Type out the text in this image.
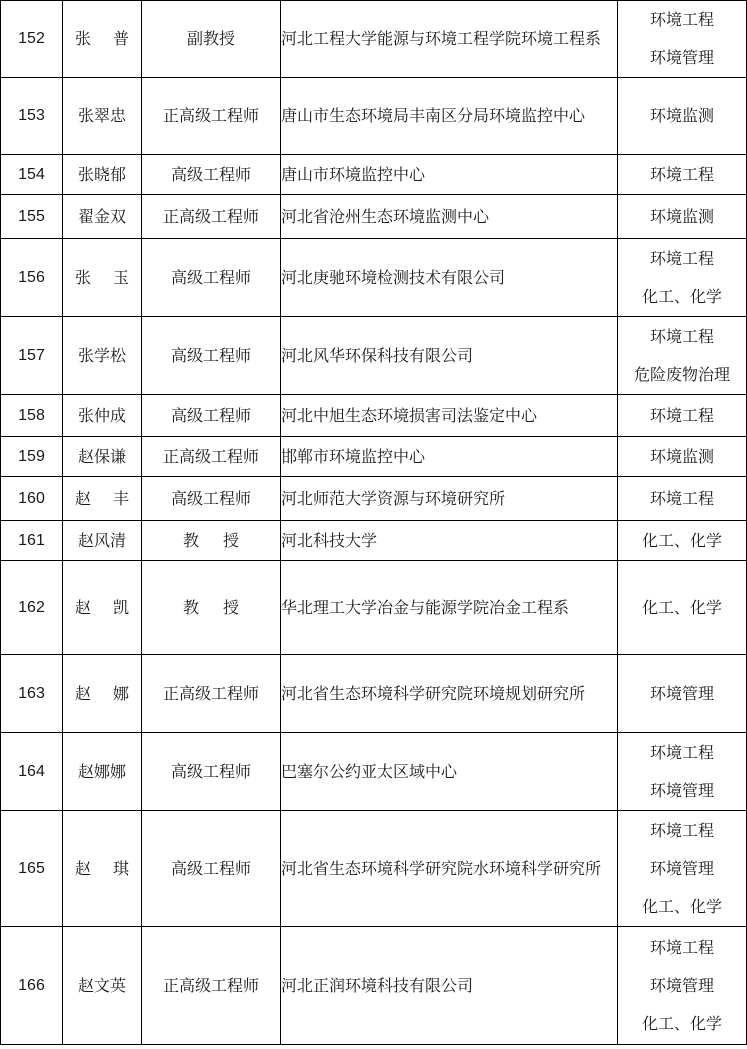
152	张普	副教授	河北工程大学能源与环境工程学院环境工程系	环境工程
环境管理

153	张翠忠	正高级工程师	唐山市生态环境局丰南区分局环境监控中心	环境监测

154	张晓郁	高级工程师	唐山市环境监控中心	环境工程

155	翟金双	正高级工程师	河北省沧州生态环境监测中心	环境监测

156	张玉	高级工程师	河北庚驰环境检测技术有限公司	环境工程
化工、化学

157	张学松	高级工程师	河北风华环保科技有限公司	环境工程
危险废物治理

158	张仲成	高级工程师	河北中旭生态环境损害司法鉴定中心	环境工程

159	赵保谦	正高级工程师	邯郸市环境监控中心	环境监测

160	赵丰	高级工程师	河北师范大学资源与环境研究所	环境工程

161	赵风清	教授	河北科技大学	化工、化学

162	赵凯	教授	华北理工大学冶金与能源学院冶金工程系	化工、化学

163	赵娜	正高级工程师	河北省生态环境科学研究院环境规划研究所	环境管理

164	赵娜娜	高级工程师	巴塞尔公约亚太区域中心	环境工程
环境管理

165	赵琪	高级工程师	河北省生态环境科学研究院水环境科学研究所	环境工程
环境管理
化工、化学

166	赵文英	正高级工程师	河北正润环境科技有限公司	环境工程
环境管理
化工、化学
